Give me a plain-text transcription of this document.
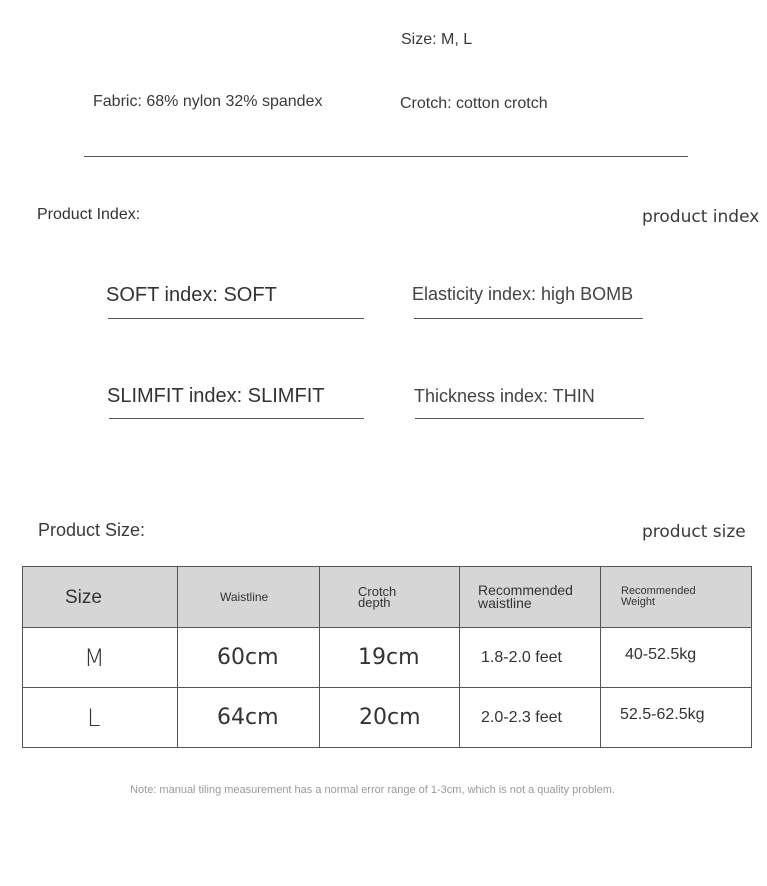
Size: M, L
Fabric: 68% nylon 32% spandex	Crotch: cotton crotch
Product Index:	product index
SOFT index: SOFT	Elasticity index: high BOMB
SLIMFIT index: SLIMFIT	Thickness index: THIN
Product Size:	product size
Size	Waistline	Crotch depth	Recommended waistline	Recommended Weight

M	60cm	19cm	1.8-2.0 feet	40-52.5kg

L	64cm	20cm	2.0-2.3 feet	52.5-62.5kg
Note: manual tiling measurement has a normal error range of 1-3cm, which is not a quality problem.
